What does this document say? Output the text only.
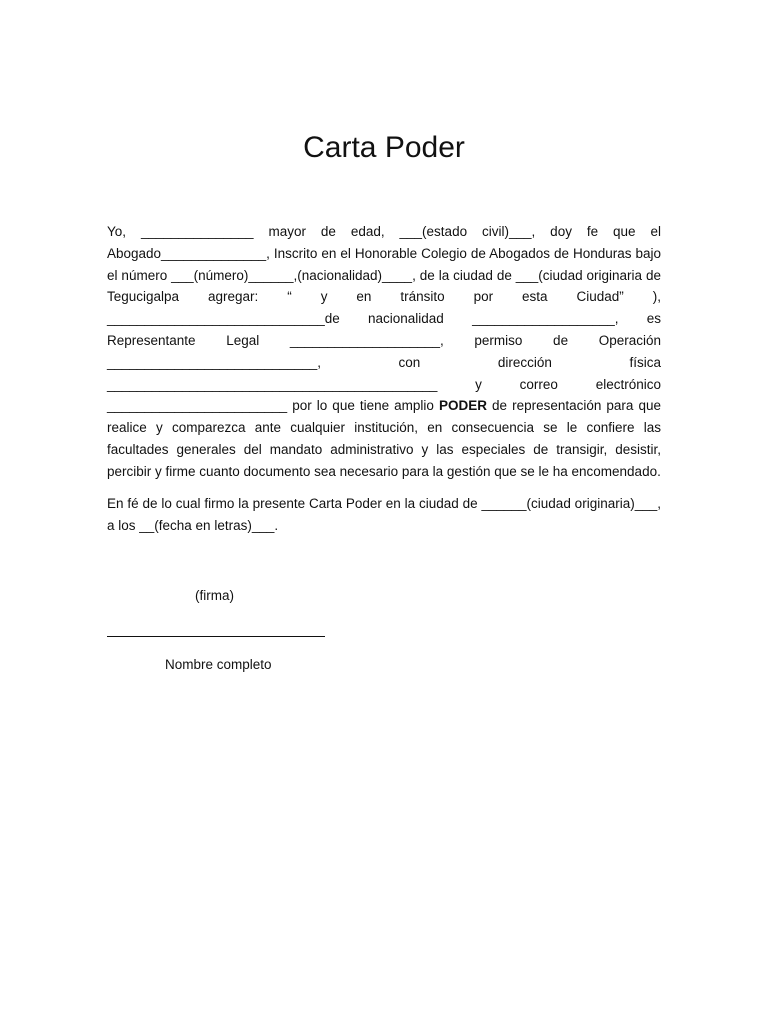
Carta Poder

Yo, _______________ mayor de edad, ___(estado civil)___, doy fe que el Abogado______________, Inscrito en el Honorable Colegio de Abogados de Honduras bajo el número ___(número)______,(nacionalidad)____, de la ciudad de ___(ciudad originaria de Tegucigalpa agregar: “ y en tránsito por esta Ciudad” ), _____________________________de nacionalidad ___________________, es Representante Legal ____________________, permiso de Operación ____________________________, con dirección física ____________________________________________ y correo electrónico ________________________ por lo que tiene amplio PODER de representación para que realice y comparezca ante cualquier institución, en consecuencia se le confiere las facultades generales del mandato administrativo y las especiales de transigir, desistir, percibir y firme cuanto documento sea necesario para la gestión que se le ha encomendado.

En fé de lo cual firmo la presente Carta Poder en la ciudad de ______(ciudad originaria)___, a los __(fecha en letras)___.

(firma)
Nombre completo
